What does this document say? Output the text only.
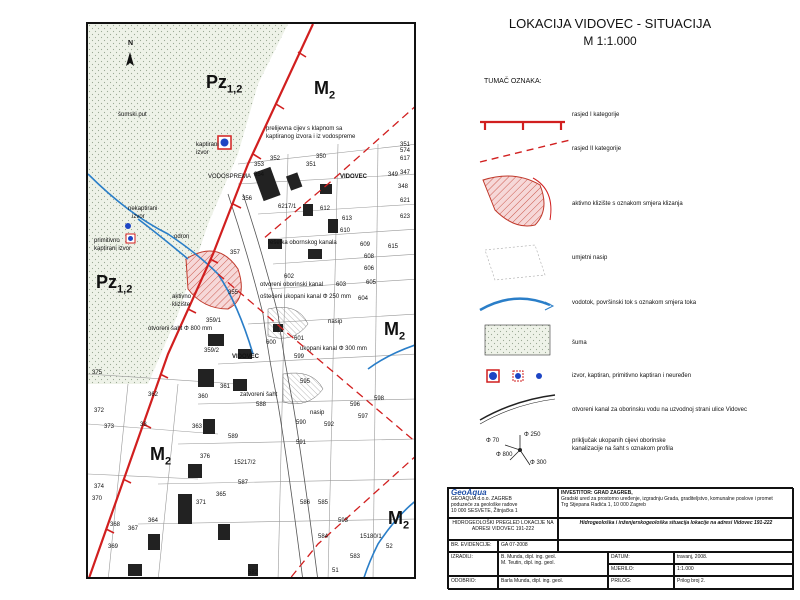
N
šumski put
$Pz_{1,2}$	$M_2$
$Pz_{1,2}$
$M_2$
$M_2$
$M_2$
prelijevna cijev s klapnom sa
kaptiranog izvora i iz vodospreme
kaptirani
izvor
VODOSPREMA
nekaptirani
izvor
primitivno
kaptirani izvor
odron
rešetka obornskog kanala
otvoreni oborinski kanal
oštećeni ukopani kanal Φ 250 mm
aktivno
klizište
nasip
otvoreni šaht Φ 800 mm
ukopani kanal Φ 300 mm
VIDOVEC
VIDOVEC
zatvoreni šaht
nasip
350
351
352
353
354
356
6217/1	612
613
610
609
608
615
606
605
604
603
602
357
355
359/1
600
601
599
595
596
598
597
592
591
589
590
586 585
587
584
583
359/2
360
361
362
363
38
372
373
374
371
365
364
367
368
369
370
375
376
15217/2
588
593
15180/1
51
52
582
574
347
623
621
617
351
349
348
LOKACIJA VIDOVEC - SITUACIJA
M 1:1.000
TUMAČ OZNAKA:
rasjed I kategorije
rasjed II kategorije
aktivno klizište s oznakom smjera klizanja
umjetni nasip
vodotok, površinski tok s oznakom smjera toka
šuma
izvor, kaptiran, primitivno kaptiran i neuređen
otvoreni kanal za oborinsku vodu na uzvodnoj strani ulice Vidovec
priključak ukopanih cijevi oborinske
kanalizacije na šaht s oznakom profila
Φ 250
Φ 70
Φ 800
Φ 300
GeoAqua
GEOAQUA d.o.o. ZAGREB
poduzeće za geološke radove
10 000 SESVETE, Žitnjačka 1
INVESTITOR: GRAD ZAGREB,
Gradski ured za prostorno uređenje, izgradnju Grada, graditeljstvo, komunalne poslove i promet
Trg Stjepana Radića 1, 10 000 Zagreb
HIDROGEOLOŠKI PREGLED LOKACIJE NA ADRESI VIDOVEC 191-222
Hidrogeološka i inženjerskogeološka situacija lokacije na adresi Vidovec 191-222
BR. EVIDENCIJE:	GA 07-2008
IZRADILI:	B. Munda, dipl. ing. geol.
M. Teutin, dipl. ing. geol.
DATUM:	travanj, 2008.
MJERILO:	1:1.000
ODOBRIO:	Barla Munda, dipl. ing. geol.	PRILOG:	Prilog broj 2.
